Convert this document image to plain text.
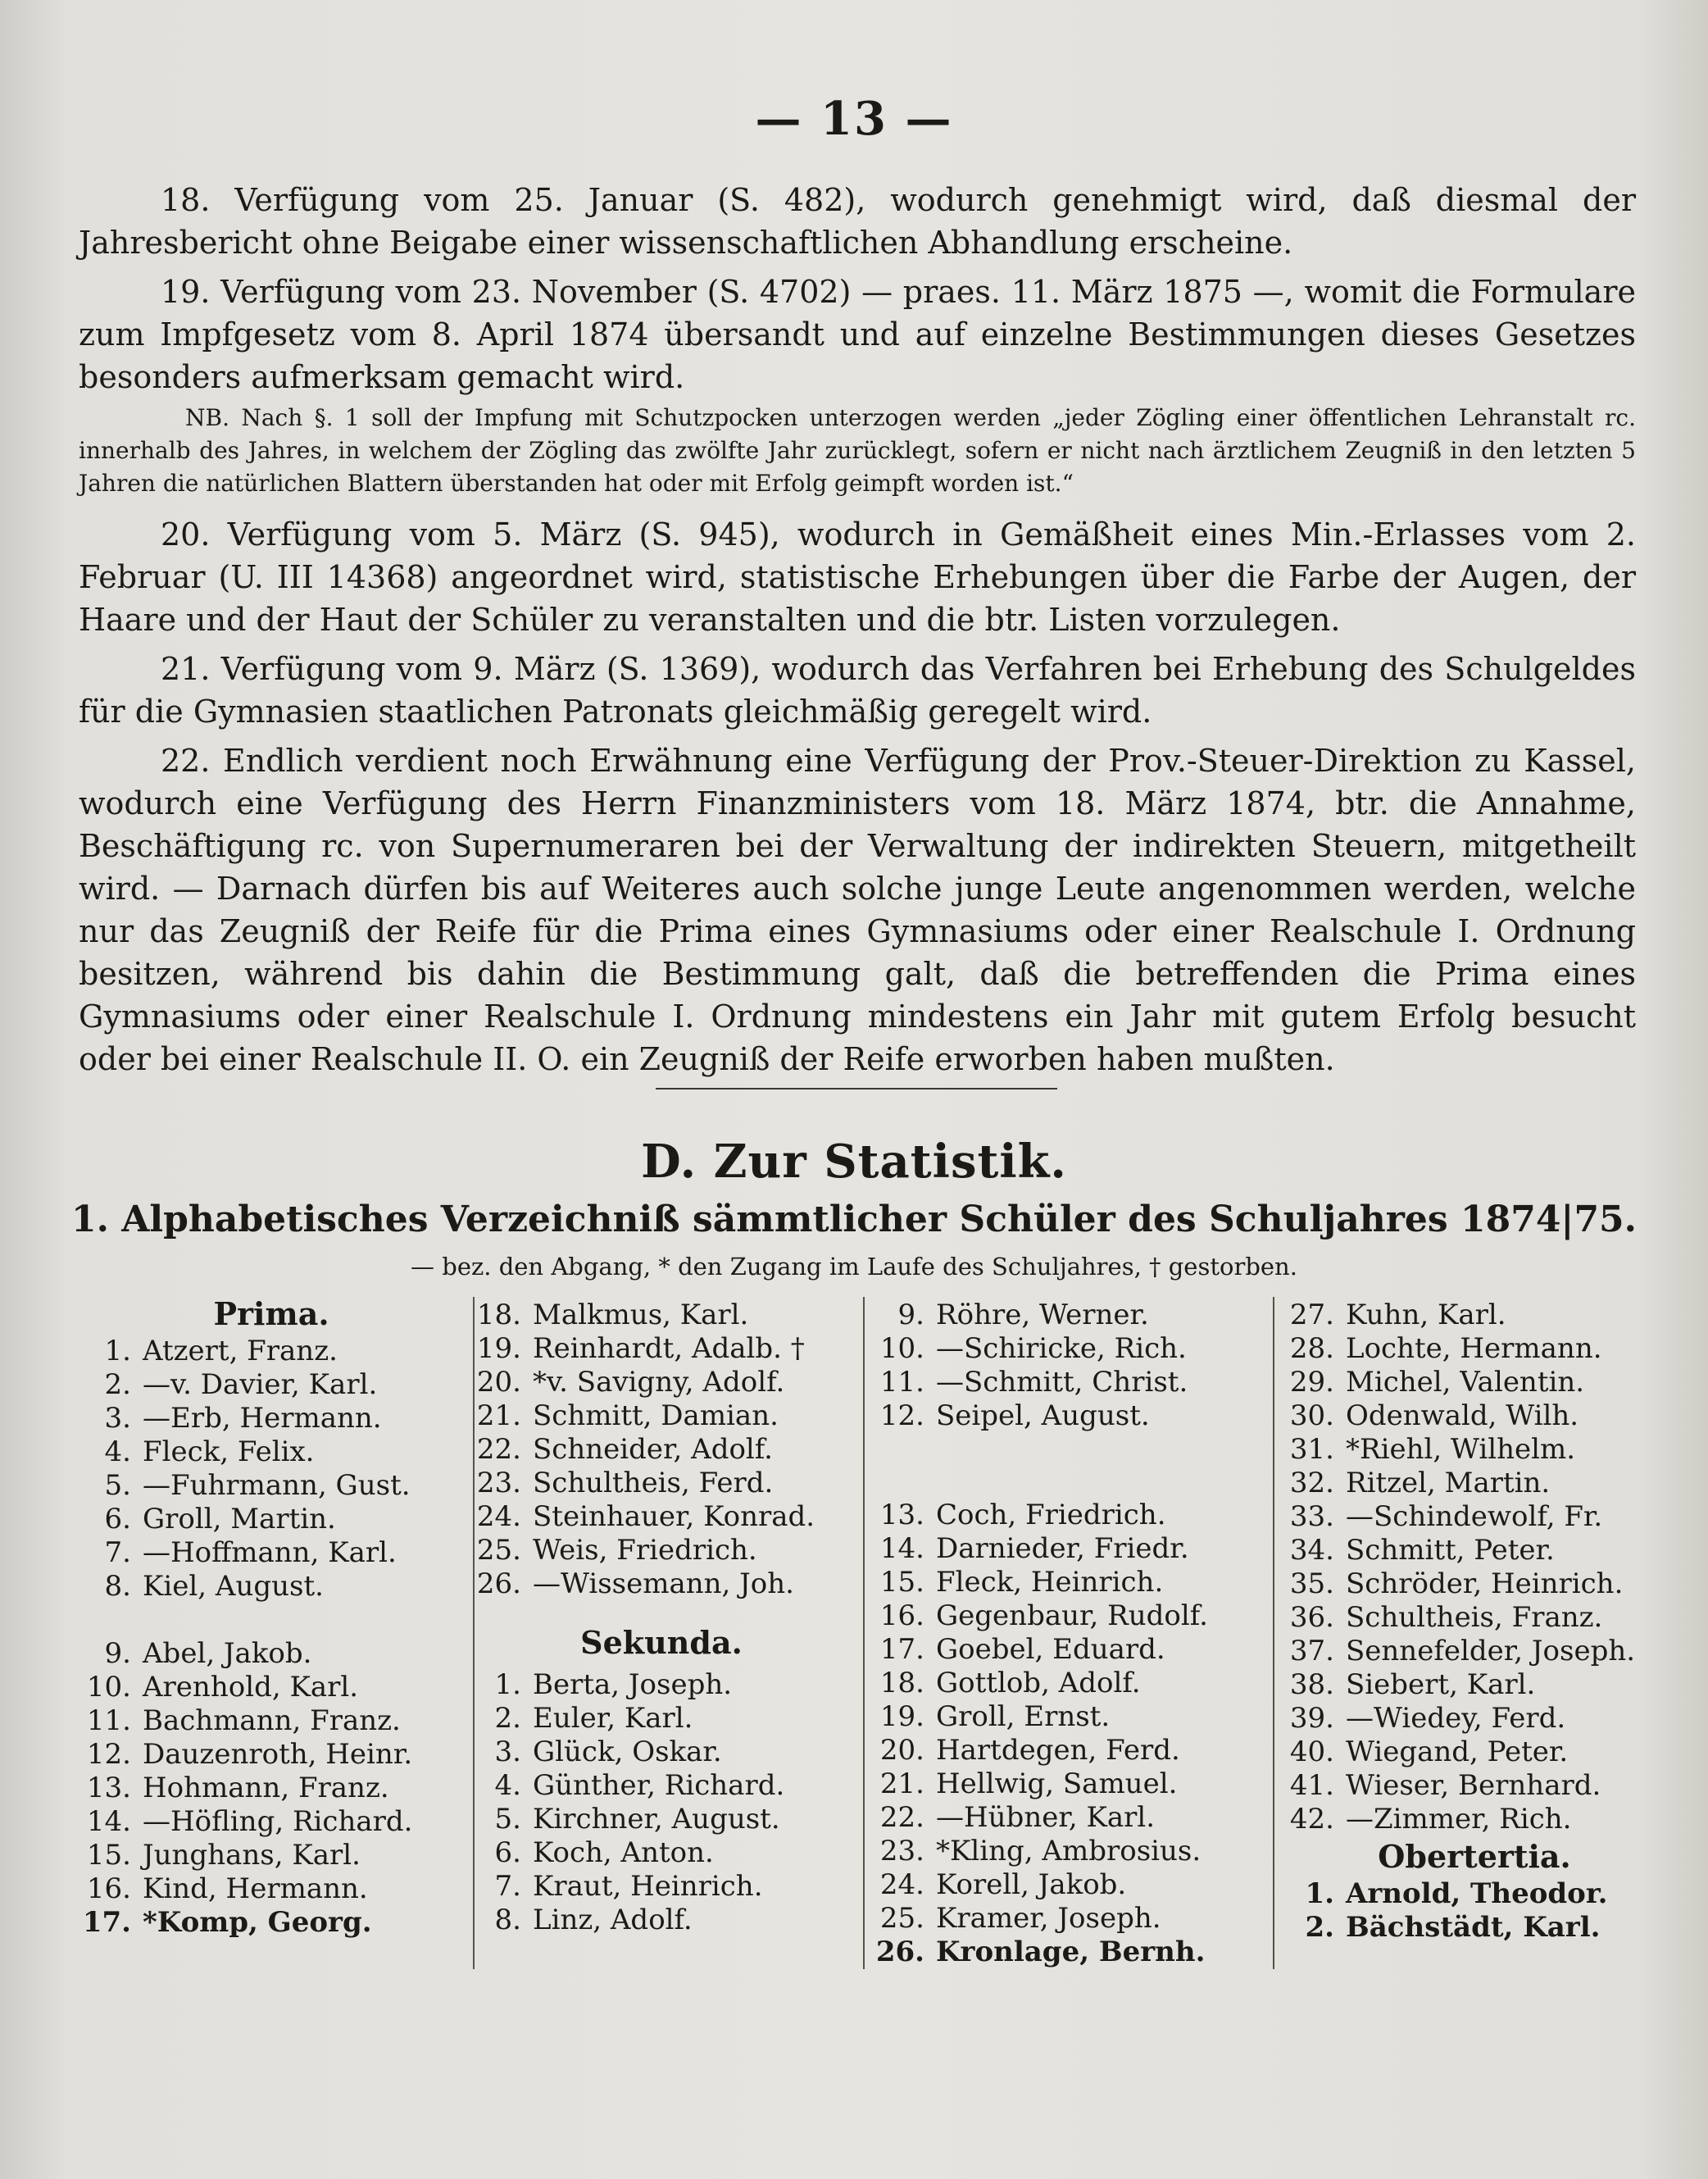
— 13 —
18. Verfügung vom 25. Januar (S. 482), wodurch genehmigt wird, daß diesmal der Jahresbericht ohne Beigabe einer wissenschaftlichen Abhandlung erscheine.
19. Verfügung vom 23. November (S. 4702) — praes. 11. März 1875 —, womit die Formulare zum Impfgesetz vom 8. April 1874 übersandt und auf einzelne Bestimmungen dieses Gesetzes besonders aufmerksam gemacht wird.
NB. Nach §. 1 soll der Impfung mit Schutzpocken unterzogen werden „jeder Zögling einer öffentlichen Lehranstalt rc. innerhalb des Jahres, in welchem der Zögling das zwölfte Jahr zurücklegt, sofern er nicht nach ärztlichem Zeugniß in den letzten 5 Jahren die natürlichen Blattern überstanden hat oder mit Erfolg geimpft worden ist.“
20. Verfügung vom 5. März (S. 945), wodurch in Gemäßheit eines Min.-Erlasses vom 2. Februar (U. III 14368) angeordnet wird, statistische Erhebungen über die Farbe der Augen, der Haare und der Haut der Schüler zu veranstalten und die btr. Listen vorzulegen.
21. Verfügung vom 9. März (S. 1369), wodurch das Verfahren bei Erhebung des Schulgeldes für die Gymnasien staatlichen Patronats gleichmäßig geregelt wird.
22. Endlich verdient noch Erwähnung eine Verfügung der Prov.-Steuer-Direktion zu Kassel, wodurch eine Verfügung des Herrn Finanzministers vom 18. März 1874, btr. die Annahme, Beschäftigung rc. von Supernumeraren bei der Verwaltung der indirekten Steuern, mitgetheilt wird. — Darnach dürfen bis auf Weiteres auch solche junge Leute angenommen werden, welche nur das Zeugniß der Reife für die Prima eines Gymnasiums oder einer Realschule I. Ordnung besitzen, während bis dahin die Bestimmung galt, daß die betreffenden die Prima eines Gymnasiums oder einer Realschule I. Ordnung mindestens ein Jahr mit gutem Erfolg besucht oder bei einer Realschule II. O. ein Zeugniß der Reife erworben haben mußten.
D. Zur Statistik.
1. Alphabetisches Verzeichniß sämmtlicher Schüler des Schuljahres 1874|75.
— bez. den Abgang, * den Zugang im Laufe des Schuljahres, † gestorben.
Prima.
1. Atzert, Franz.
2. —v. Davier, Karl.
3. —Erb, Hermann.
4. Fleck, Felix.
5. —Fuhrmann, Gust.
6. Groll, Martin.
7. —Hoffmann, Karl.
8. Kiel, August.
9. Abel, Jakob.
10. Arenhold, Karl.
11. Bachmann, Franz.
12. Dauzenroth, Heinr.
13. Hohmann, Franz.
14. —Höfling, Richard.
15. Junghans, Karl.
16. Kind, Hermann.
17. *Komp, Georg.
18. Malkmus, Karl.
19. Reinhardt, Adalb. †
20. *v. Savigny, Adolf.
21. Schmitt, Damian.
22. Schneider, Adolf.
23. Schultheis, Ferd.
24. Steinhauer, Konrad.
25. Weis, Friedrich.
26. —Wissemann, Joh.
Sekunda.
1. Berta, Joseph.
2. Euler, Karl.
3. Glück, Oskar.
4. Günther, Richard.
5. Kirchner, August.
6. Koch, Anton.
7. Kraut, Heinrich.
8. Linz, Adolf.
9. Röhre, Werner.
10. —Schiricke, Rich.
11. —Schmitt, Christ.
12. Seipel, August.
13. Coch, Friedrich.
14. Darnieder, Friedr.
15. Fleck, Heinrich.
16. Gegenbaur, Rudolf.
17. Goebel, Eduard.
18. Gottlob, Adolf.
19. Groll, Ernst.
20. Hartdegen, Ferd.
21. Hellwig, Samuel.
22. —Hübner, Karl.
23. *Kling, Ambrosius.
24. Korell, Jakob.
25. Kramer, Joseph.
26. Kronlage, Bernh.
27. Kuhn, Karl.
28. Lochte, Hermann.
29. Michel, Valentin.
30. Odenwald, Wilh.
31. *Riehl, Wilhelm.
32. Ritzel, Martin.
33. —Schindewolf, Fr.
34. Schmitt, Peter.
35. Schröder, Heinrich.
36. Schultheis, Franz.
37. Sennefelder, Joseph.
38. Siebert, Karl.
39. —Wiedey, Ferd.
40. Wiegand, Peter.
41. Wieser, Bernhard.
42. —Zimmer, Rich.
Obertertia.
1. Arnold, Theodor.
2. Bächstädt, Karl.
